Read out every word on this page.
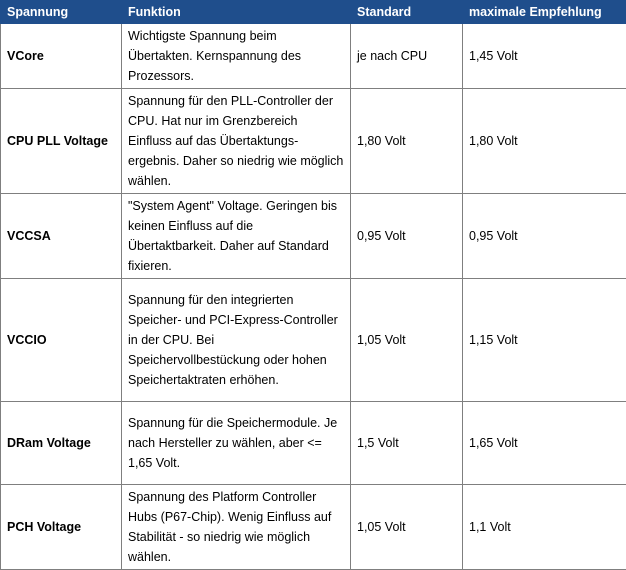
Spannung	Funktion	Standard	maximale Empfehlung
VCore	Wichtigste Spannung beim Übertakten. Kernspannung des Prozessors.	je nach CPU	1,45 Volt
CPU PLL Voltage	Spannung für den PLL-Controller der CPU. Hat nur im Grenzbereich Einfluss auf das Übertaktungs-ergebnis. Daher so niedrig wie möglich wählen.	1,80 Volt	1,80 Volt
VCCSA	"System Agent" Voltage. Geringen bis keinen Einfluss auf die Übertaktbarkeit. Daher auf Standard fixieren.	0,95 Volt	0,95 Volt
VCCIO	Spannung für den integrierten Speicher- und PCI-Express-Controller in der CPU. Bei Speichervollbestückung oder hohen Speichertaktraten erhöhen.	1,05 Volt	1,15 Volt
DRam Voltage	Spannung für die Speichermodule. Je nach Hersteller zu wählen, aber <= 1,65 Volt.	1,5 Volt	1,65 Volt
PCH Voltage	Spannung des Platform Controller Hubs (P67-Chip). Wenig Einfluss auf Stabilität - so niedrig wie möglich wählen.	1,05 Volt	1,1 Volt
